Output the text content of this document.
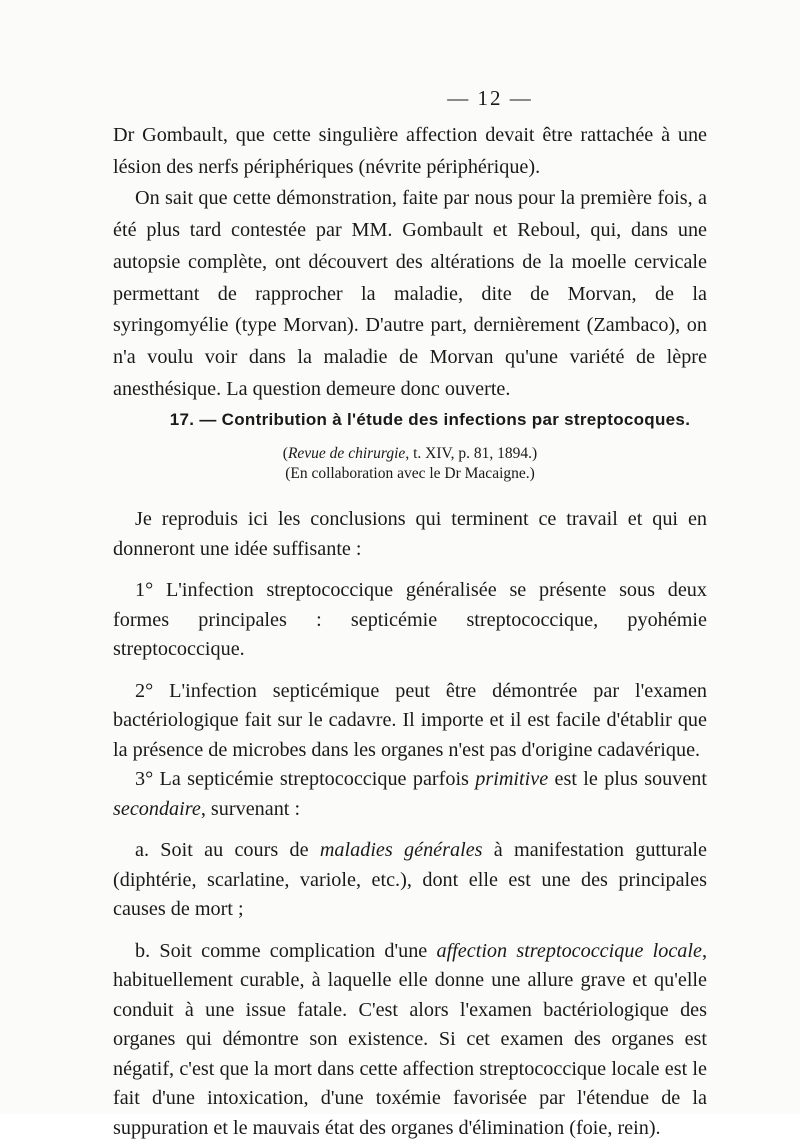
— 12 —

Dr Gombault, que cette singulière affection devait être rattachée à une lésion des nerfs périphériques (névrite périphérique).

On sait que cette démonstration, faite par nous pour la première fois, a été plus tard contestée par MM. Gombault et Reboul, qui, dans une autopsie complète, ont découvert des altérations de la moelle cervicale permettant de rapprocher la maladie, dite de Morvan, de la syringomyélie (type Morvan). D'autre part, dernièrement (Zambaco), on n'a voulu voir dans la maladie de Morvan qu'une variété de lèpre anesthésique. La question demeure donc ouverte.

17. — Contribution à l'étude des infections par streptocoques.
(Revue de chirurgie, t. XIV, p. 81, 1894.)
(En collaboration avec le Dr Macaigne.)

Je reproduis ici les conclusions qui terminent ce travail et qui en donneront une idée suffisante :

1° L'infection streptococcique généralisée se présente sous deux formes principales : septicémie streptococcique, pyohémie streptococcique.

2° L'infection septicémique peut être démontrée par l'examen bactériologique fait sur le cadavre. Il importe et il est facile d'établir que la présence de microbes dans les organes n'est pas d'origine cadavérique.

3° La septicémie streptococcique parfois primitive est le plus souvent secondaire, survenant :

a. Soit au cours de maladies générales à manifestation gutturale (diphtérie, scarlatine, variole, etc.), dont elle est une des principales causes de mort ;

b. Soit comme complication d'une affection streptococcique locale, habituellement curable, à laquelle elle donne une allure grave et qu'elle conduit à une issue fatale. C'est alors l'examen bactériologique des organes qui démontre son existence. Si cet examen des organes est négatif, c'est que la mort dans cette affection streptococcique locale est le fait d'une intoxication, d'une toxémie favorisée par l'étendue de la suppuration et le mauvais état des organes d'élimination (foie, rein).
